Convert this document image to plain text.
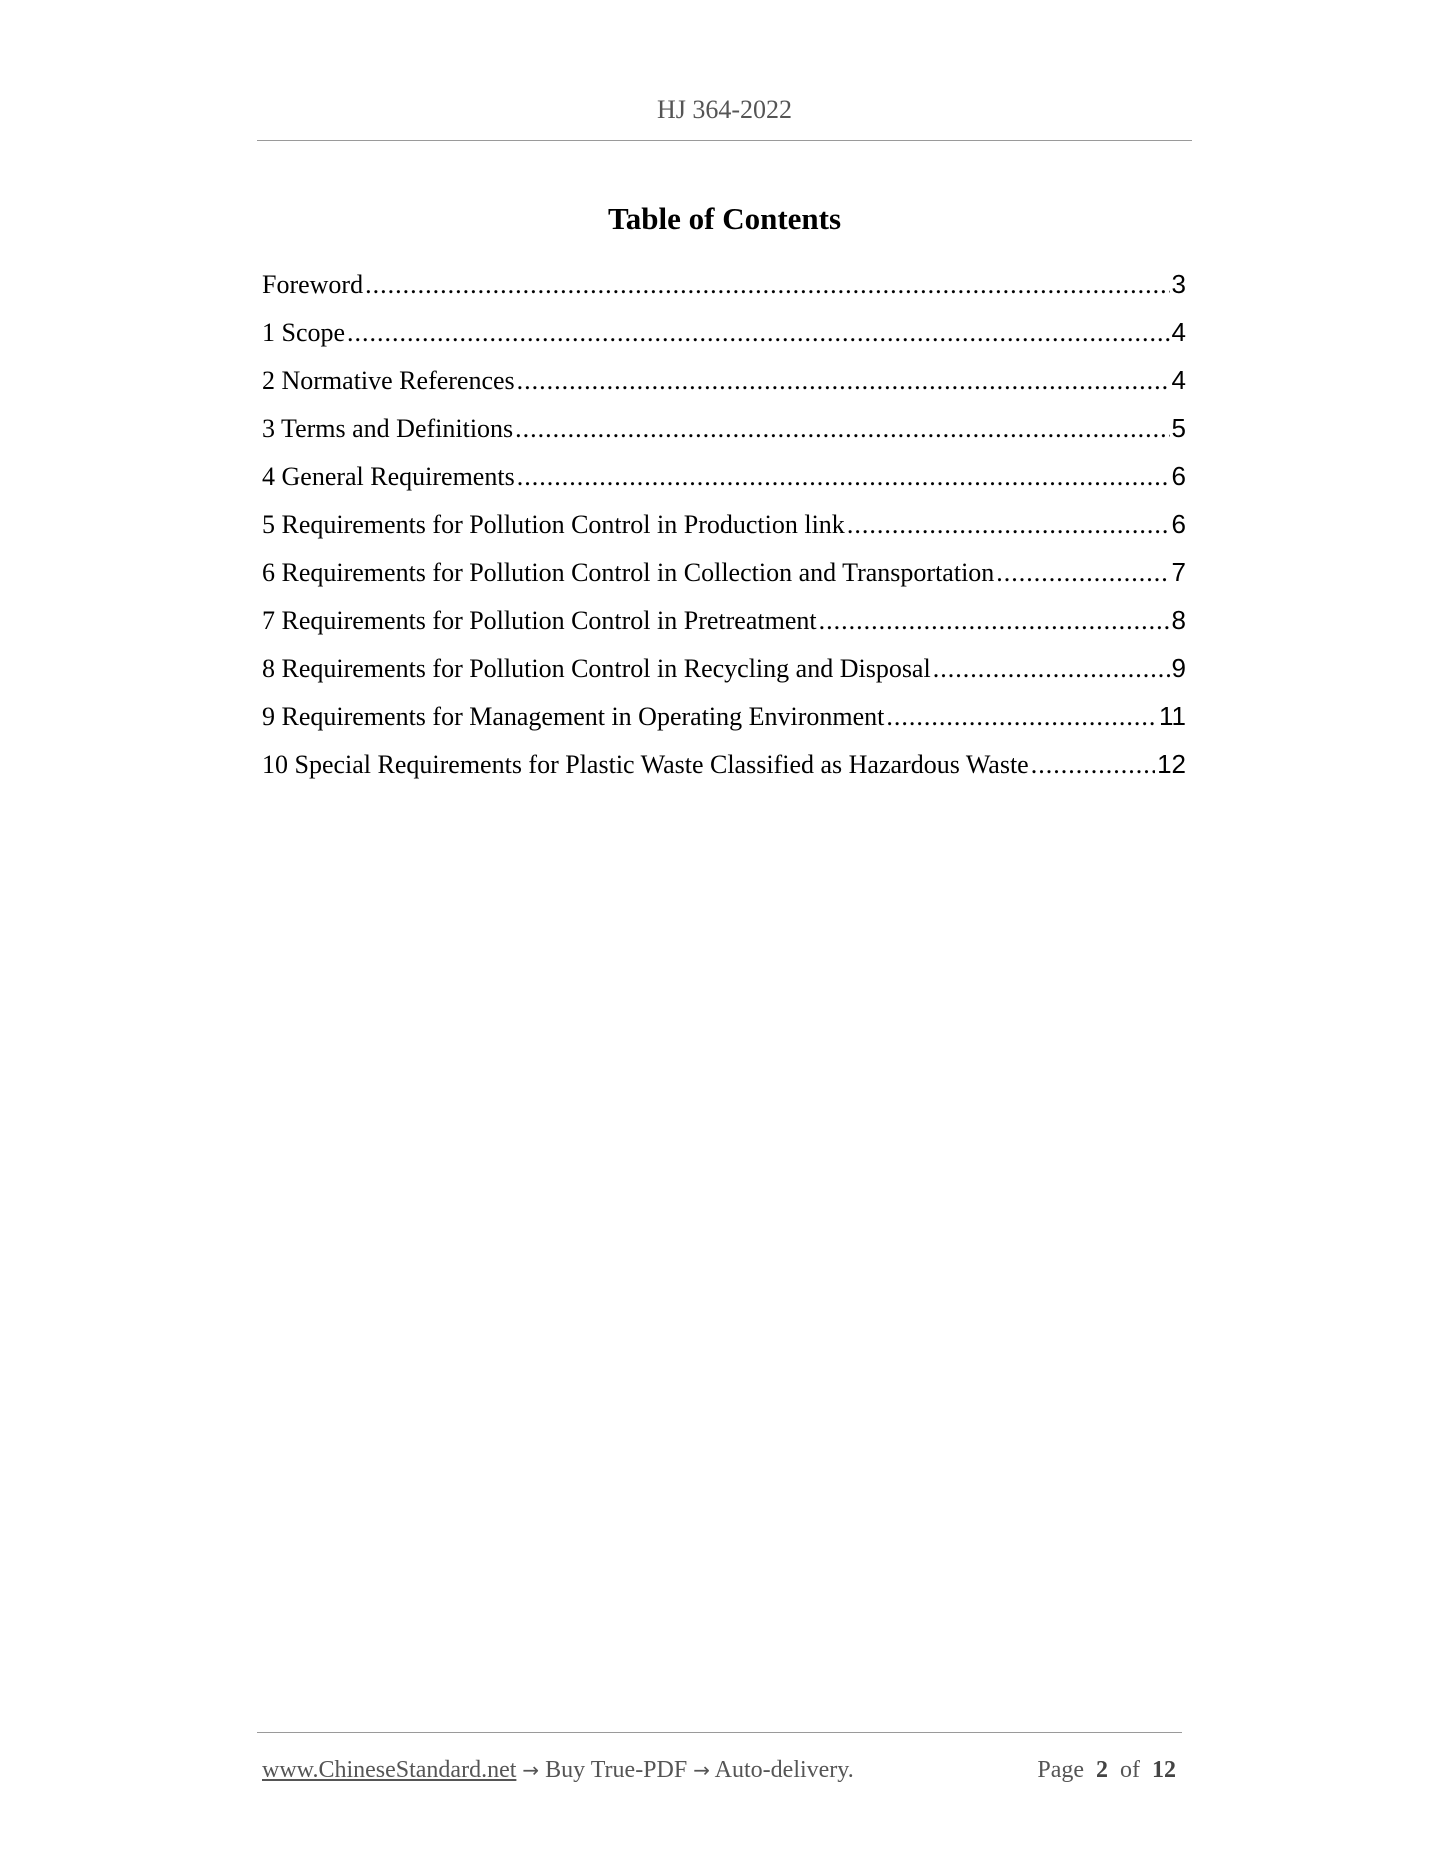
HJ 364-2022
Table of Contents
Foreword .....	3
1 Scope .....	4
2 Normative References .....	4
3 Terms and Definitions .....	5
4 General Requirements .....	6
5 Requirements for Pollution Control in Production link .....	6
6 Requirements for Pollution Control in Collection and Transportation .....	7
7 Requirements for Pollution Control in Pretreatment .....	8
8 Requirements for Pollution Control in Recycling and Disposal .....	9
9 Requirements for Management in Operating Environment .....	11
10 Special Requirements for Plastic Waste Classified as Hazardous Waste .....	12
www.ChineseStandard.net → Buy True-PDF → Auto-delivery.	Page 2 of 12
